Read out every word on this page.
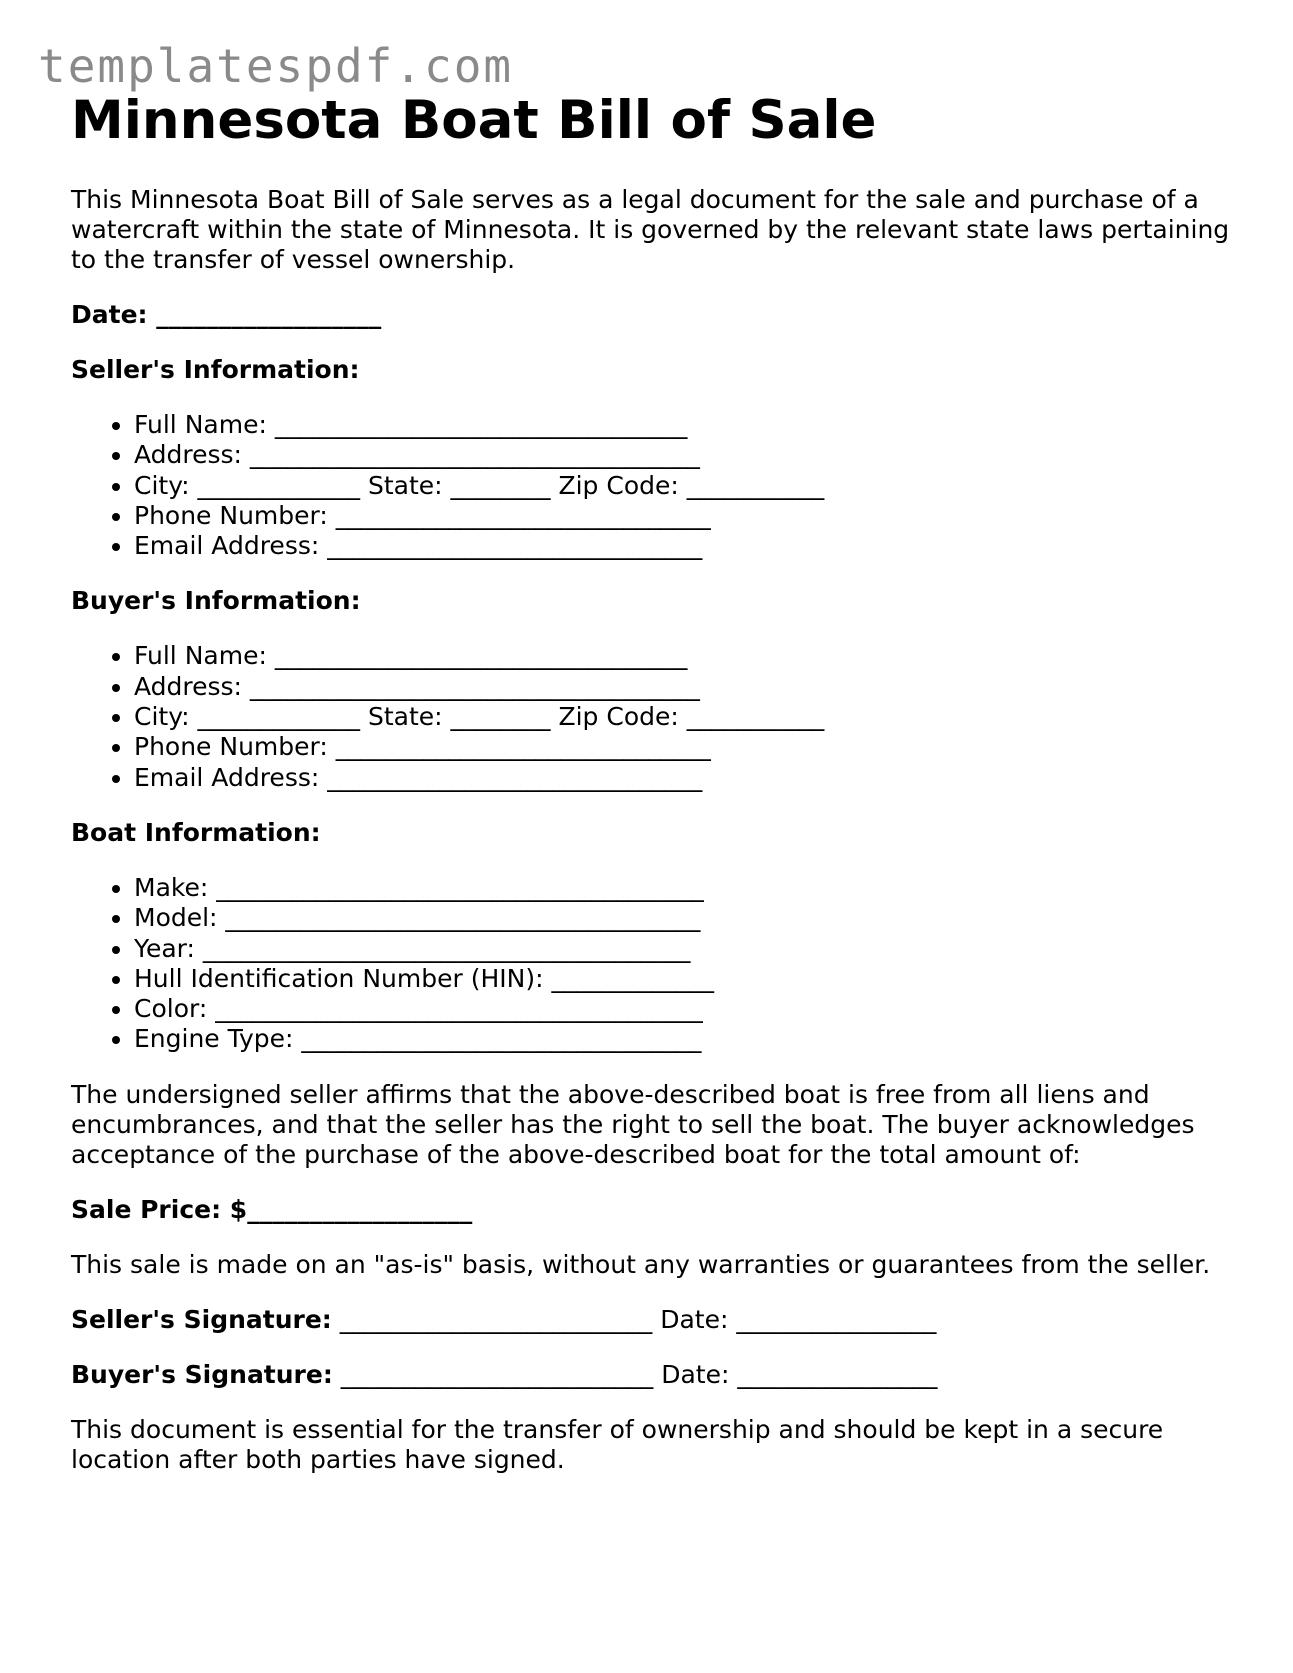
templatespdf.com
Minnesota Boat Bill of Sale

This Minnesota Boat Bill of Sale serves as a legal document for the sale and purchase of a watercraft within the state of Minnesota. It is governed by the relevant state laws pertaining to the transfer of vessel ownership.

Date: __________________

Seller's Information:

• Full Name: _________________________________
• Address: ____________________________________
• City: _____________ State: ________ Zip Code: ___________
• Phone Number: ______________________________
• Email Address: ______________________________

Buyer's Information:

• Full Name: _________________________________
• Address: ____________________________________
• City: _____________ State: ________ Zip Code: ___________
• Phone Number: ______________________________
• Email Address: ______________________________

Boat Information:

• Make: _______________________________________
• Model: ______________________________________
• Year: _______________________________________
• Hull Identification Number (HIN): _____________
• Color: _______________________________________
• Engine Type: ________________________________

The undersigned seller affirms that the above-described boat is free from all liens and encumbrances, and that the seller has the right to sell the boat. The buyer acknowledges acceptance of the purchase of the above-described boat for the total amount of:

Sale Price: $__________________

This sale is made on an "as-is" basis, without any warranties or guarantees from the seller.

Seller's Signature: _________________________ Date: ________________

Buyer's Signature: _________________________ Date: ________________

This document is essential for the transfer of ownership and should be kept in a secure location after both parties have signed.
